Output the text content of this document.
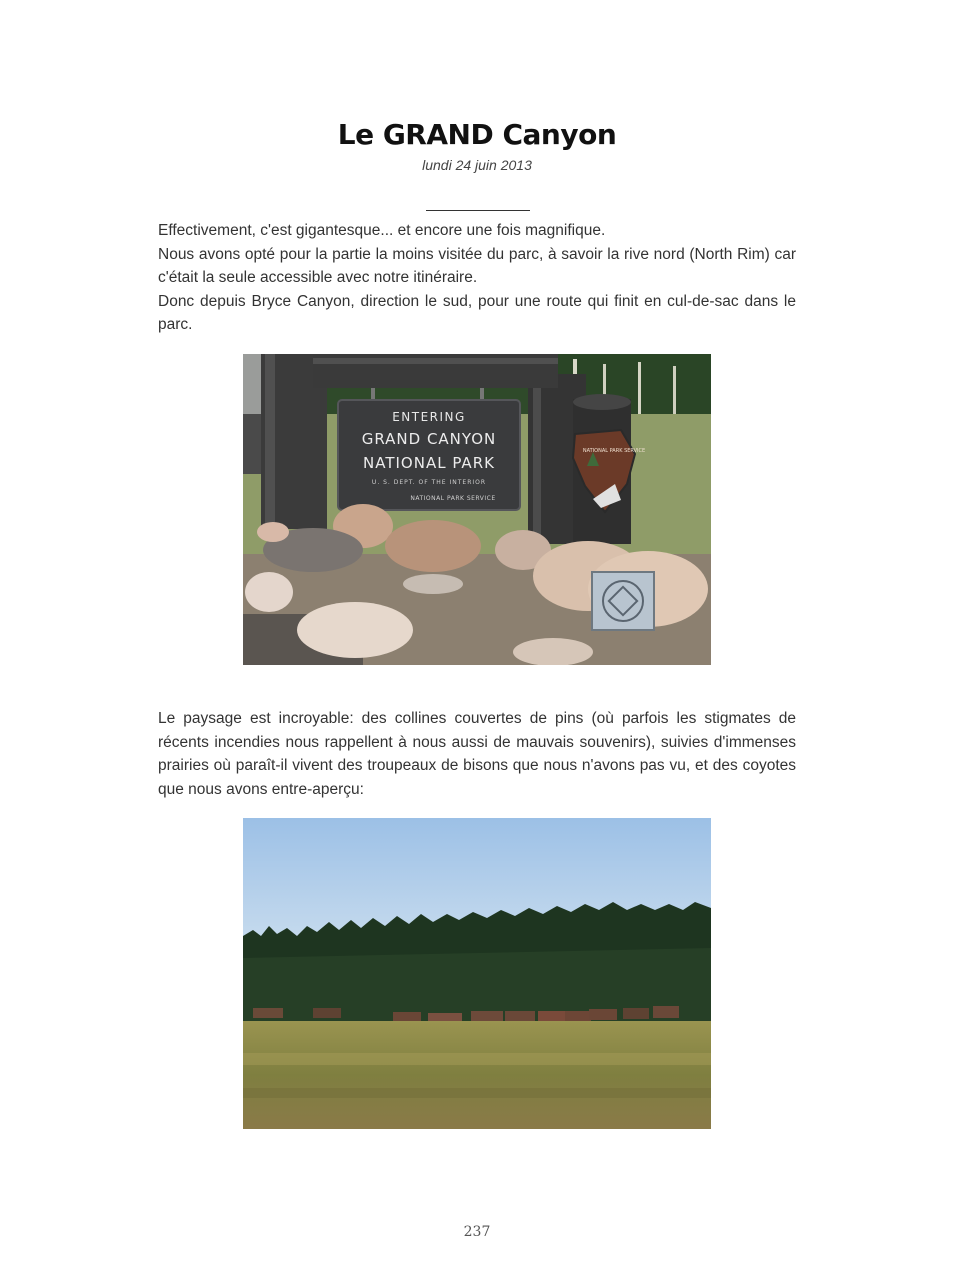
Le GRAND Canyon
lundi 24 juin 2013

Effectivement, c'est gigantesque... et encore une fois magnifique.

Nous avons opté pour la partie la moins visitée du parc, à savoir la rive nord (North Rim) car c'était la seule accessible avec notre itinéraire.

Donc depuis Bryce Canyon, direction le sud, pour une route qui finit en cul-de-sac dans le parc.

ENTERING
GRAND CANYON
NATIONAL PARK
U. S. DEPT. OF THE INTERIOR
NATIONAL PARK SERVICE
NATIONAL PARK SERVICE
Le paysage est incroyable: des collines couvertes de pins (où parfois les stigmates de récents incendies nous rappellent à nous aussi de mauvais souvenirs), suivies d'immenses prairies où paraît-il vivent des troupeaux de bisons que nous n'avons pas vu, et des coyotes que nous avons entre-aperçu:
237
